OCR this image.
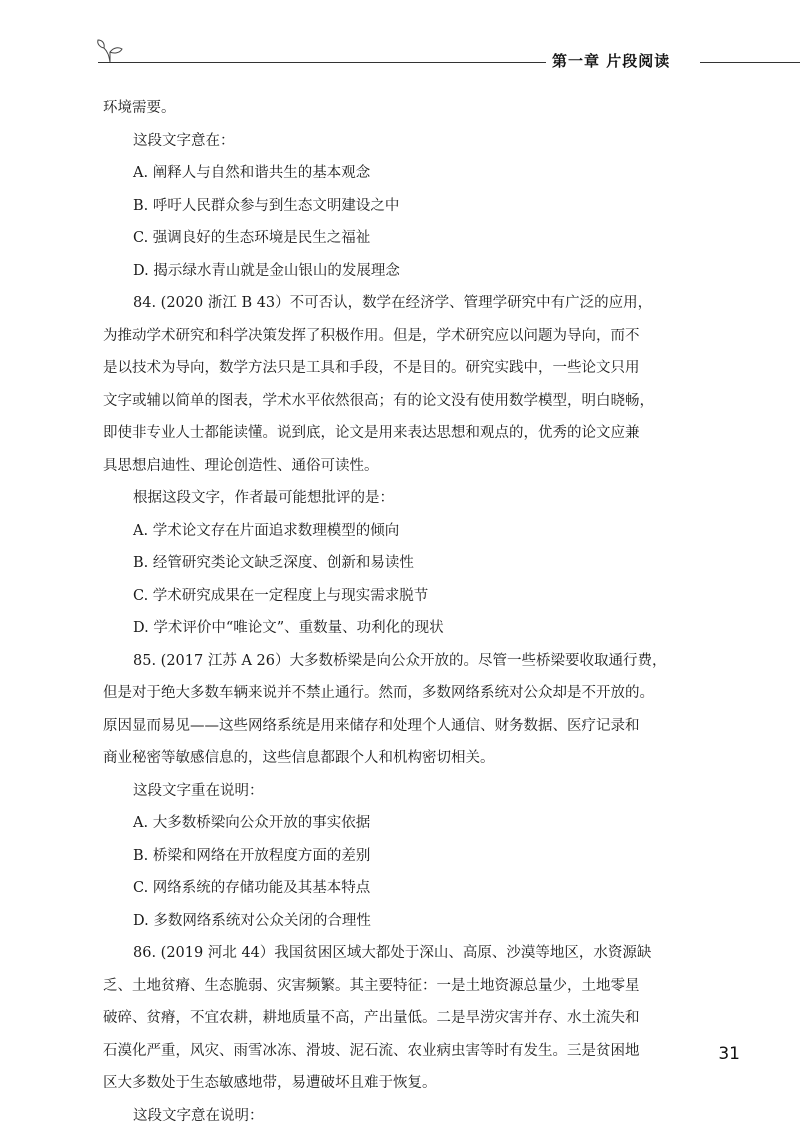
第一章 片段阅读
环境需要。
这段文字意在：
A. 阐释人与自然和谐共生的基本观念
B. 呼吁人民群众参与到生态文明建设之中
C. 强调良好的生态环境是民生之福祉
D. 揭示绿水青山就是金山银山的发展理念
84. (2020 浙江 B 43）不可否认，数学在经济学、管理学研究中有广泛的应用，
为推动学术研究和科学决策发挥了积极作用。但是，学术研究应以问题为导向，而不
是以技术为导向，数学方法只是工具和手段，不是目的。研究实践中，一些论文只用
文字或辅以简单的图表，学术水平依然很高；有的论文没有使用数学模型，明白晓畅，
即使非专业人士都能读懂。说到底，论文是用来表达思想和观点的，优秀的论文应兼
具思想启迪性、理论创造性、通俗可读性。
根据这段文字，作者最可能想批评的是：
A. 学术论文存在片面追求数理模型的倾向
B. 经管研究类论文缺乏深度、创新和易读性
C. 学术研究成果在一定程度上与现实需求脱节
D. 学术评价中“唯论文”、重数量、功利化的现状
85. (2017 江苏 A 26）大多数桥梁是向公众开放的。尽管一些桥梁要收取通行费，
但是对于绝大多数车辆来说并不禁止通行。然而，多数网络系统对公众却是不开放的。
原因显而易见——这些网络系统是用来储存和处理个人通信、财务数据、医疗记录和
商业秘密等敏感信息的，这些信息都跟个人和机构密切相关。
这段文字重在说明：
A. 大多数桥梁向公众开放的事实依据
B. 桥梁和网络在开放程度方面的差别
C. 网络系统的存储功能及其基本特点
D. 多数网络系统对公众关闭的合理性
86. (2019 河北 44）我国贫困区域大都处于深山、高原、沙漠等地区，水资源缺
乏、土地贫瘠、生态脆弱、灾害频繁。其主要特征：一是土地资源总量少，土地零星
破碎、贫瘠，不宜农耕，耕地质量不高，产出量低。二是旱涝灾害并存、水土流失和
石漠化严重，风灾、雨雪冰冻、滑坡、泥石流、农业病虫害等时有发生。三是贫困地
区大多数处于生态敏感地带，易遭破坏且难于恢复。
这段文字意在说明：
31
